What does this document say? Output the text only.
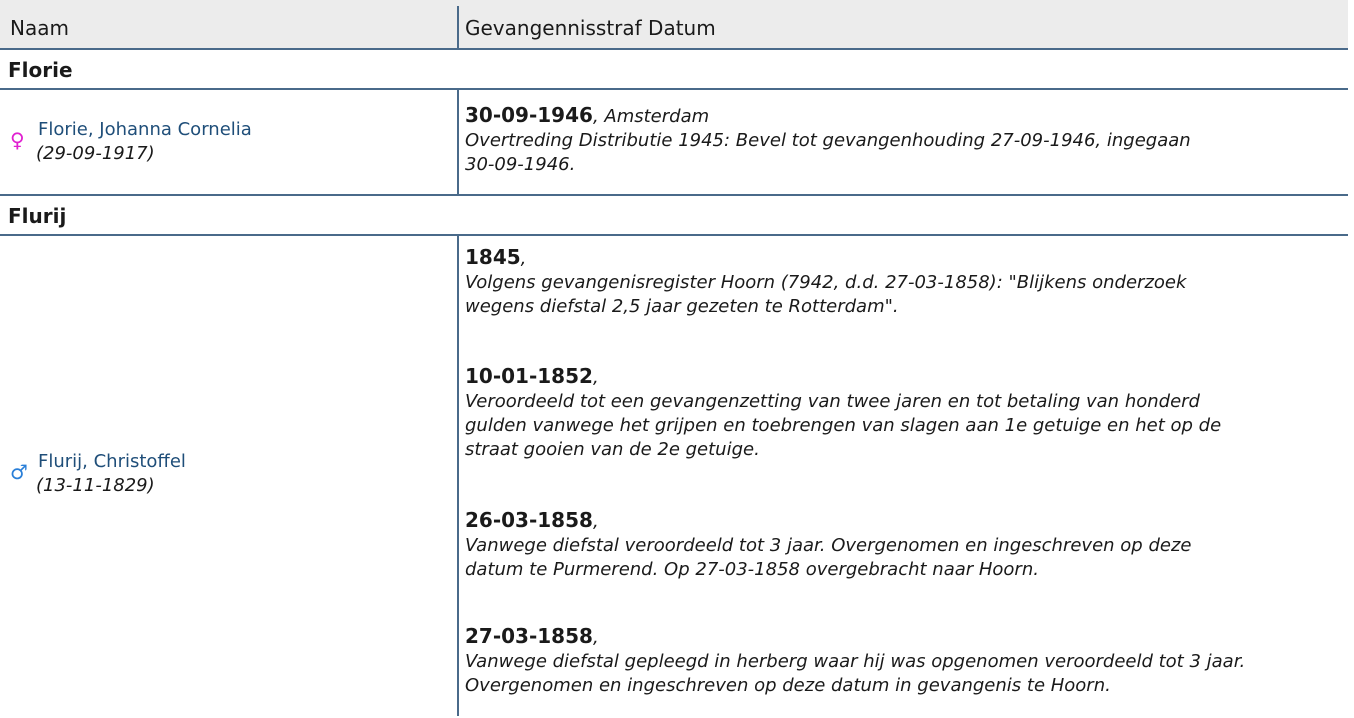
Naam	Gevangennisstraf Datum
Florie
♀ Florie, Johanna Cornelia
(29-09-1917)
30-09-1946, Amsterdam
Overtreding Distributie 1945: Bevel tot gevangenhouding 27-09-1946, ingegaan
30-09-1946.
Flurij
♂ Flurij, Christoffel
(13-11-1829)
1845,
Volgens gevangenisregister Hoorn (7942, d.d. 27-03-1858): "Blijkens onderzoek
wegens diefstal 2,5 jaar gezeten te Rotterdam".
10-01-1852,
Veroordeeld tot een gevangenzetting van twee jaren en tot betaling van honderd
gulden vanwege het grijpen en toebrengen van slagen aan 1e getuige en het op de
straat gooien van de 2e getuige.
26-03-1858,
Vanwege diefstal veroordeeld tot 3 jaar. Overgenomen en ingeschreven op deze
datum te Purmerend. Op 27-03-1858 overgebracht naar Hoorn.
27-03-1858,
Vanwege diefstal gepleegd in herberg waar hij was opgenomen veroordeeld tot 3 jaar.
Overgenomen en ingeschreven op deze datum in gevangenis te Hoorn.
